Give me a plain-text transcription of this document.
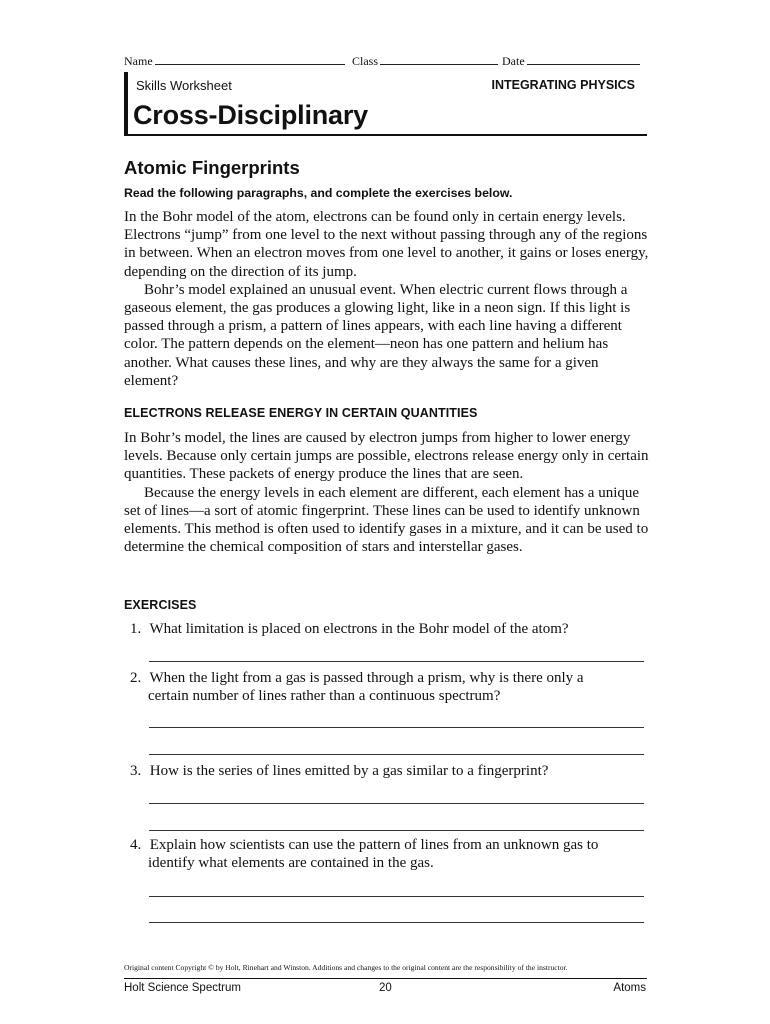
Name	Class	Date
Skills Worksheet	INTEGRATING PHYSICS
Cross-Disciplinary
Atomic Fingerprints
Read the following paragraphs, and complete the exercises below.

In the Bohr model of the atom, electrons can be found only in certain energy levels. Electrons “jump” from one level to the next without passing through any of the regions in between. When an electron moves from one level to another, it gains or loses energy, depending on the direction of its jump.

Bohr’s model explained an unusual event. When electric current flows through a gaseous element, the gas produces a glowing light, like in a neon sign. If this light is passed through a prism, a pattern of lines appears, with each line having a different color. The pattern depends on the element—neon has one pattern and helium has another. What causes these lines, and why are they always the same for a given element?

ELECTRONS RELEASE ENERGY IN CERTAIN QUANTITIES

In Bohr’s model, the lines are caused by electron jumps from higher to lower energy levels. Because only certain jumps are possible, electrons release energy only in certain quantities. These packets of energy produce the lines that are seen.

Because the energy levels in each element are different, each element has a unique set of lines—a sort of atomic fingerprint. These lines can be used to identify unknown elements. This method is often used to identify gases in a mixture, and it can be used to determine the chemical composition of stars and interstellar gases.

EXERCISES
1. What limitation is placed on electrons in the Bohr model of the atom?
2. When the light from a gas is passed through a prism, why is there only a
certain number of lines rather than a continuous spectrum?
3. How is the series of lines emitted by a gas similar to a fingerprint?
4. Explain how scientists can use the pattern of lines from an unknown gas to
identify what elements are contained in the gas.
Original content Copyright © by Holt, Rinehart and Winston. Additions and changes to the original content are the responsibility of the instructor.
Holt Science Spectrum	20	Atoms
